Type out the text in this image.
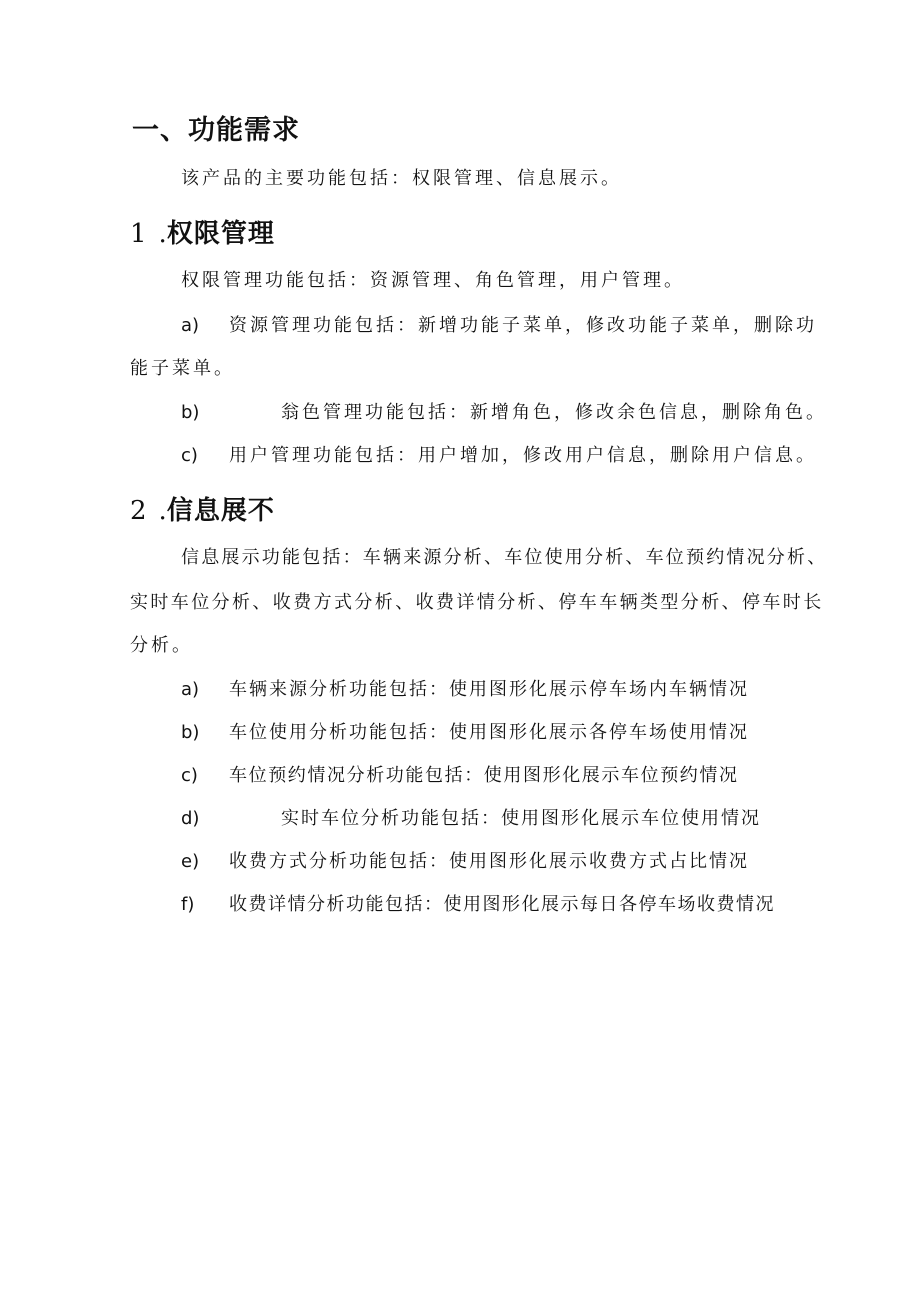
一、功能需求
该产品的主要功能包括：权限管理、信息展示。
1 .权限管理
权限管理功能包括：资源管理、角色管理，用户管理。
a) 资源管理功能包括：新增功能子菜单，修改功能子菜单，删除功
能子菜单。
b)	翁色管理功能包括：新增角色，修改余色信息，删除角色。
c) 用户管理功能包括：用户增加，修改用户信息，删除用户信息。
2 .信息展不
信息展示功能包括：车辆来源分析、车位使用分析、车位预约情况分析、
实时车位分析、收费方式分析、收费详情分析、停车车辆类型分析、停车时长
分析。
a) 车辆来源分析功能包括：使用图形化展示停车场内车辆情况
b) 车位使用分析功能包括：使用图形化展示各停车场使用情况
c) 车位预约情况分析功能包括：使用图形化展示车位预约情况
d)	实时车位分析功能包括：使用图形化展示车位使用情况
e) 收费方式分析功能包括：使用图形化展示收费方式占比情况
f) 收费详情分析功能包括：使用图形化展示每日各停车场收费情况
